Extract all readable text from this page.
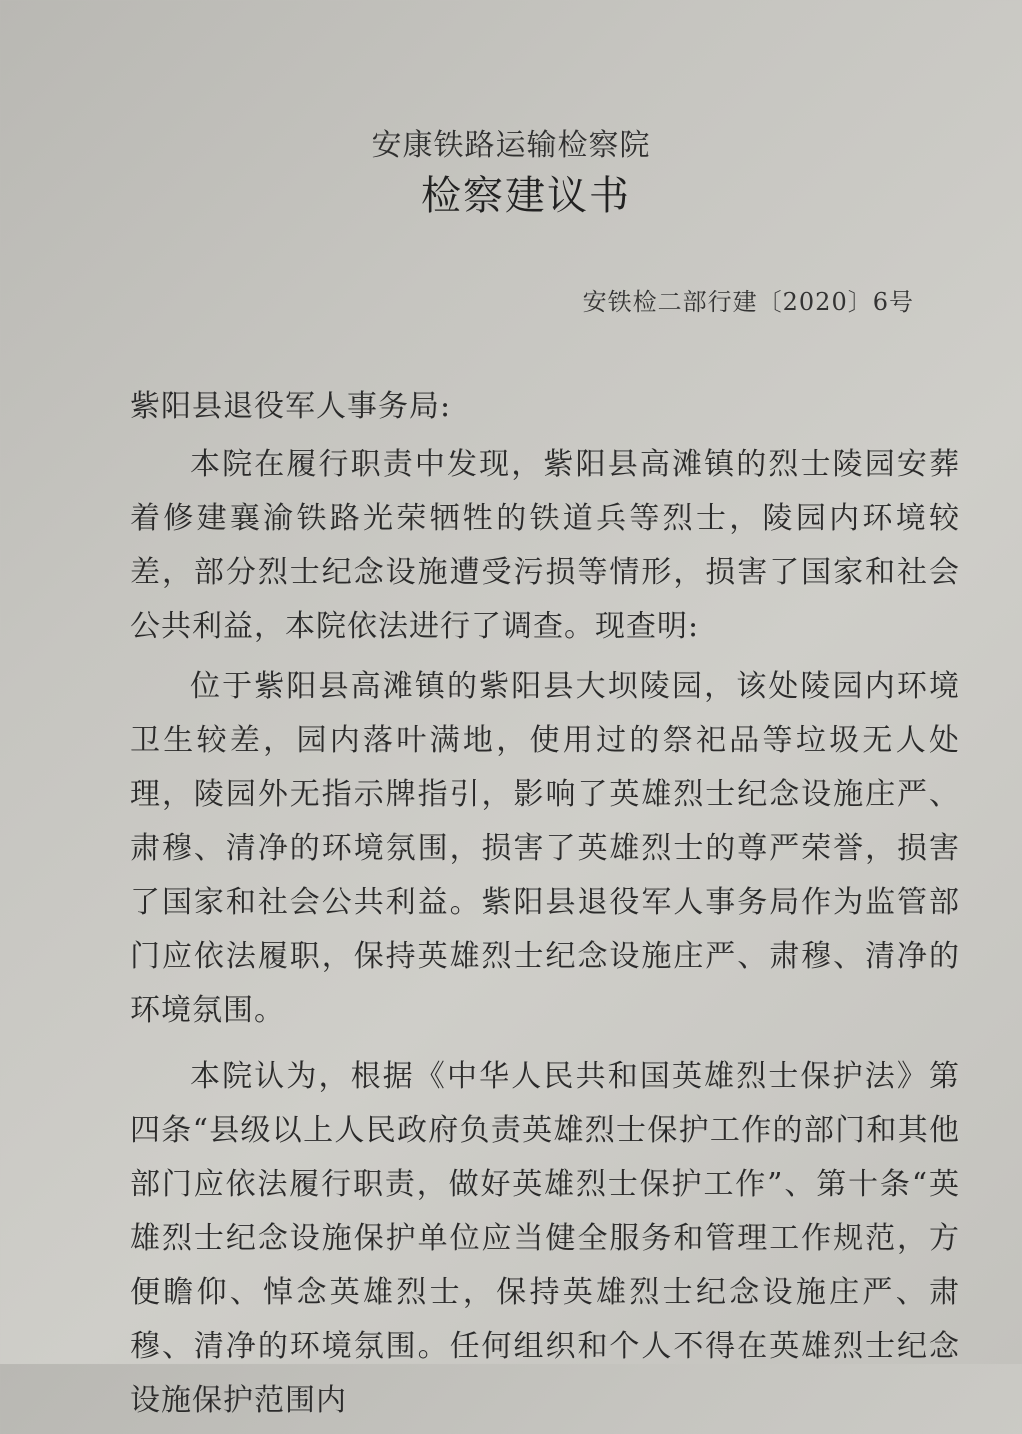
安康铁路运输检察院
检察建议书
安铁检二部行建〔2020〕6号
紫阳县退役军人事务局:
本院在履行职责中发现，紫阳县高滩镇的烈士陵园安葬着修建襄渝铁路光荣牺牲的铁道兵等烈士，陵园内环境较差，部分烈士纪念设施遭受污损等情形，损害了国家和社会公共利益，本院依法进行了调查。现查明:
位于紫阳县高滩镇的紫阳县大坝陵园，该处陵园内环境卫生较差，园内落叶满地，使用过的祭祀品等垃圾无人处理，陵园外无指示牌指引，影响了英雄烈士纪念设施庄严、肃穆、清净的环境氛围，损害了英雄烈士的尊严荣誉，损害了国家和社会公共利益。紫阳县退役军人事务局作为监管部门应依法履职，保持英雄烈士纪念设施庄严、肃穆、清净的环境氛围。
本院认为，根据《中华人民共和国英雄烈士保护法》第四条“县级以上人民政府负责英雄烈士保护工作的部门和其他部门应依法履行职责，做好英雄烈士保护工作”、第十条“英雄烈士纪念设施保护单位应当健全服务和管理工作规范，方便瞻仰、悼念英雄烈士，保持英雄烈士纪念设施庄严、肃穆、清净的环境氛围。任何组织和个人不得在英雄烈士纪念设施保护范围内
